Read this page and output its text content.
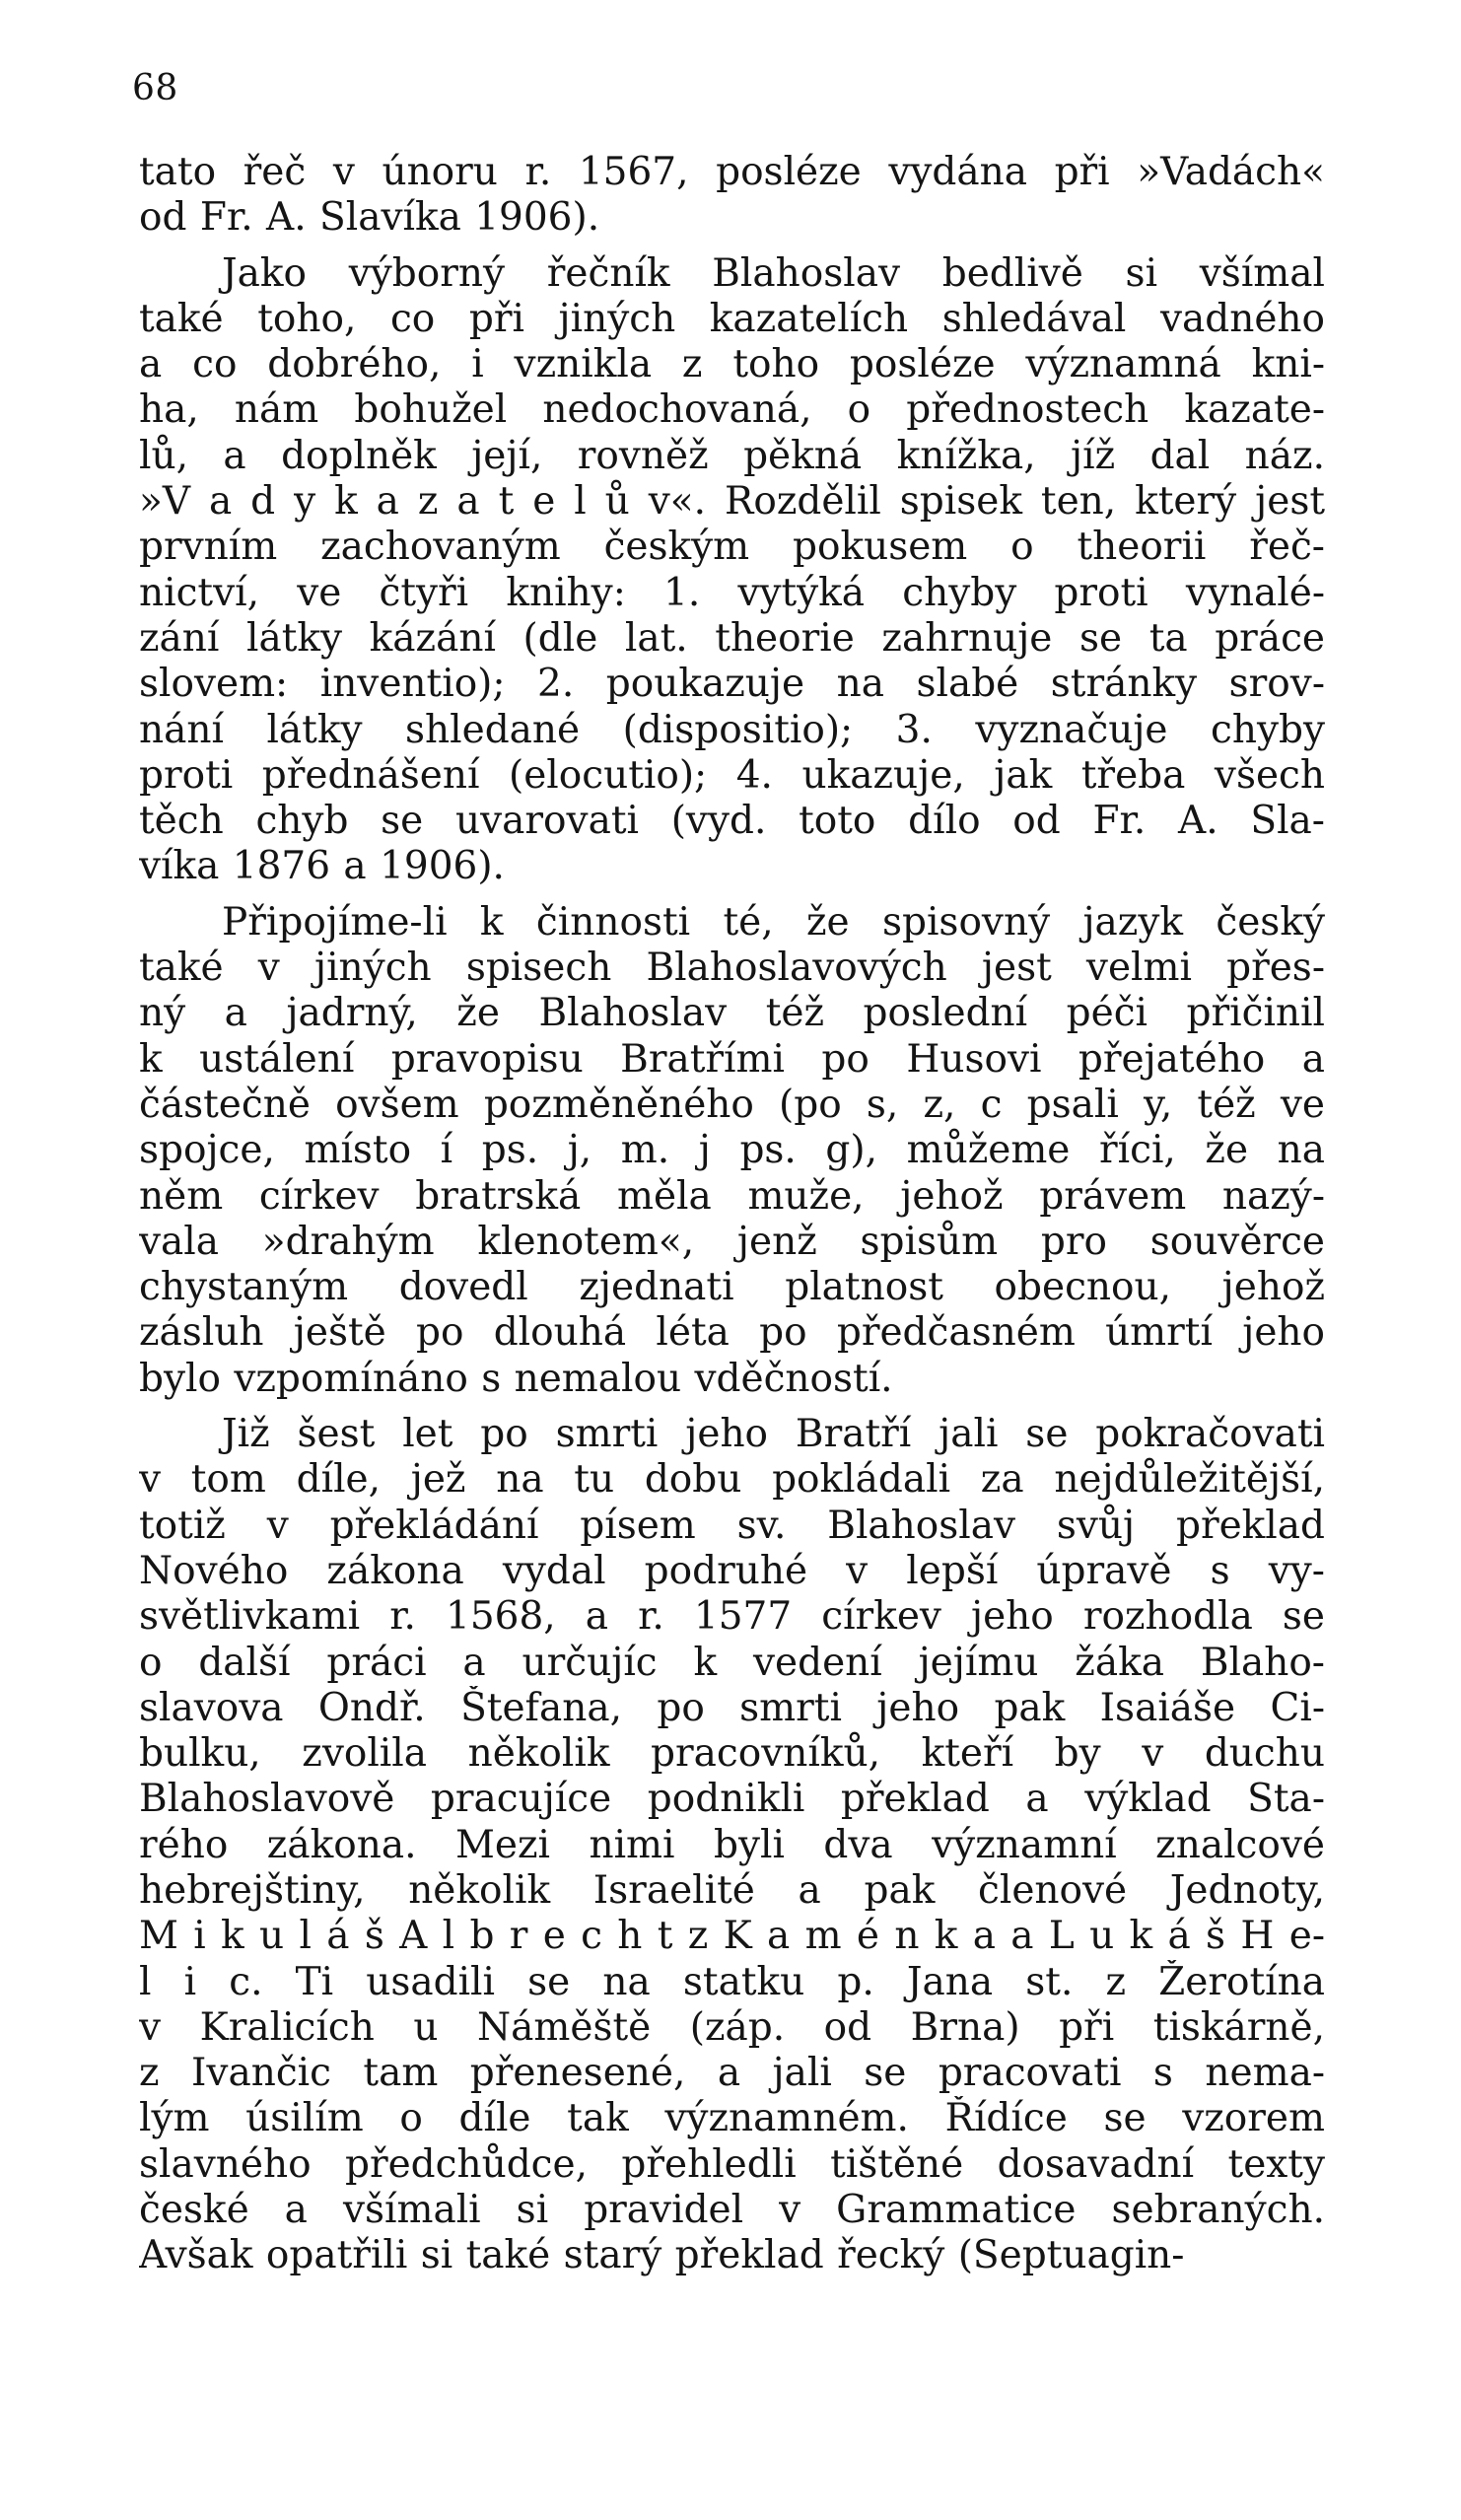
68
tato řeč v únoru r. 1567, posléze vydána při »Vadách«
od Fr. A. Slavíka 1906).
Jako výborný řečník Blahoslav bedlivě si všímal
také toho, co při jiných kazatelích shledával vadného
a co dobrého, i vznikla z toho posléze významná kni-
ha, nám bohužel nedochovaná, o přednostech kazate-
lů, a doplněk její, rovněž pěkná knížka, jíž dal náz.
»V a d y k a z a t e l ů v«. Rozdělil spisek ten, který jest
prvním zachovaným českým pokusem o theorii řeč-
nictví, ve čtyři knihy: 1. vytýká chyby proti vynalé-
zání látky kázání (dle lat. theorie zahrnuje se ta práce
slovem: inventio); 2. poukazuje na slabé stránky srov-
nání látky shledané (dispositio); 3. vyznačuje chyby
proti přednášení (elocutio); 4. ukazuje, jak třeba všech
těch chyb se uvarovati (vyd. toto dílo od Fr. A. Sla-
víka 1876 a 1906).
Připojíme-li k činnosti té, že spisovný jazyk český
také v jiných spisech Blahoslavových jest velmi přes-
ný a jadrný, že Blahoslav též poslední péči přičinil
k ustálení pravopisu Bratřími po Husovi přejatého a
částečně ovšem pozměněného (po s, z, c psali y, též ve
spojce, místo í ps. j, m. j ps. g), můžeme říci, že na
něm církev bratrská měla muže, jehož právem nazý-
vala »drahým klenotem«, jenž spisům pro souvěrce
chystaným dovedl zjednati platnost obecnou, jehož
zásluh ještě po dlouhá léta po předčasném úmrtí jeho
bylo vzpomínáno s nemalou vděčností.
Již šest let po smrti jeho Bratří jali se pokračovati
v tom díle, jež na tu dobu pokládali za nejdůležitější,
totiž v překládání písem sv. Blahoslav svůj překlad
Nového zákona vydal podruhé v lepší úpravě s vy-
světlivkami r. 1568, a r. 1577 církev jeho rozhodla se
o další práci a určujíc k vedení jejímu žáka Blaho-
slavova Ondř. Štefana, po smrti jeho pak Isaiáše Ci-
bulku, zvolila několik pracovníků, kteří by v duchu
Blahoslavově pracujíce podnikli překlad a výklad Sta-
rého zákona. Mezi nimi byli dva významní znalcové
hebrejštiny, několik Israelité a pak členové Jednoty,
M i k u l á š A l b r e c h t z K a m é n k a a L u k á š H e-
l i c. Ti usadili se na statku p. Jana st. z Žerotína
v Kralicích u Náměště (záp. od Brna) při tiskárně,
z Ivančic tam přenesené, a jali se pracovati s nema-
lým úsilím o díle tak významném. Řídíce se vzorem
slavného předchůdce, přehledli tištěné dosavadní texty
české a všímali si pravidel v Grammatice sebraných.
Avšak opatřili si také starý překlad řecký (Septuagin-
